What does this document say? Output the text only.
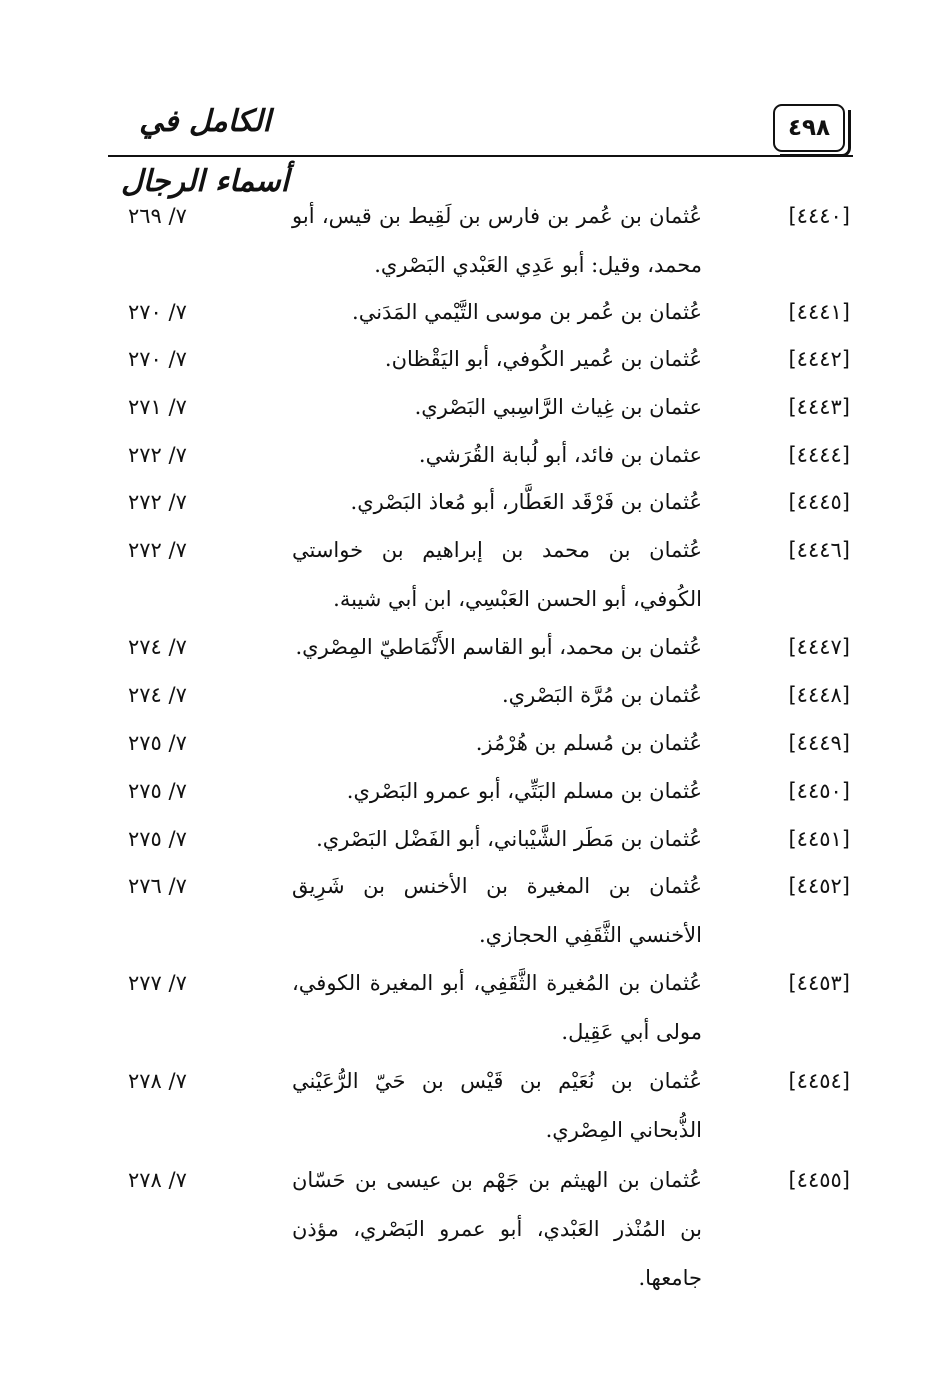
الكامل في أسماء الرجال
٤٩٨
[٤٤٤٠]
عُثمان بن عُمر بن فارس بن لَقِيط بن قيس، أبو محمد، وقيل: أبو عَدِي العَبْدي البَصْري.
٧/ ٢٦٩
[٤٤٤١]
عُثمان بن عُمر بن موسى التَّيْمي المَدَني.
٧/ ٢٧٠
[٤٤٤٢]
عُثمان بن عُمير الكُوفي، أبو اليَقْظان.
٧/ ٢٧٠
[٤٤٤٣]
عثمان بن غِياث الرَّاسِبي البَصْري.
٧/ ٢٧١
[٤٤٤٤]
عثمان بن فائد، أبو لُبابة القُرَشي.
٧/ ٢٧٢
[٤٤٤٥]
عُثمان بن فَرْقَد العَطَّار، أبو مُعاذ البَصْري.
٧/ ٢٧٢
[٤٤٤٦]
عُثمان بن محمد بن إبراهيم بن خواستي الكُوفي، أبو الحسن العَبْسِي، ابن أبي شيبة.
٧/ ٢٧٢
[٤٤٤٧]
عُثمان بن محمد، أبو القاسم الأَنْمَاطيّ المِصْري.
٧/ ٢٧٤
[٤٤٤٨]
عُثمان بن مُرَّة البَصْري.
٧/ ٢٧٤
[٤٤٤٩]
عُثمان بن مُسلم بن هُرْمُز.
٧/ ٢٧٥
[٤٤٥٠]
عُثمان بن مسلم البَتِّي، أبو عمرو البَصْري.
٧/ ٢٧٥
[٤٤٥١]
عُثمان بن مَطَر الشَّيْباني، أبو الفَضْل البَصْري.
٧/ ٢٧٥
[٤٤٥٢]
عُثمان بن المغيرة بن الأخنس بن شَرِيق الأخنسي الثَّقَفِي الحجازي.
٧/ ٢٧٦
[٤٤٥٣]
عُثمان بن المُغيرة الثَّقَفِي، أبو المغيرة الكوفي، مولى أبي عَقِيل.
٧/ ٢٧٧
[٤٤٥٤]
عُثمان بن نُعَيْم بن قَيْس بن حَيّ الرُّعَيْني الذُّبحاني المِصْري.
٧/ ٢٧٨
[٤٤٥٥]
عُثمان بن الهيثم بن جَهْم بن عيسى بن حَسّان بن المُنْذر العَبْدي، أبو عمرو البَصْري، مؤذن جامعها.
٧/ ٢٧٨
